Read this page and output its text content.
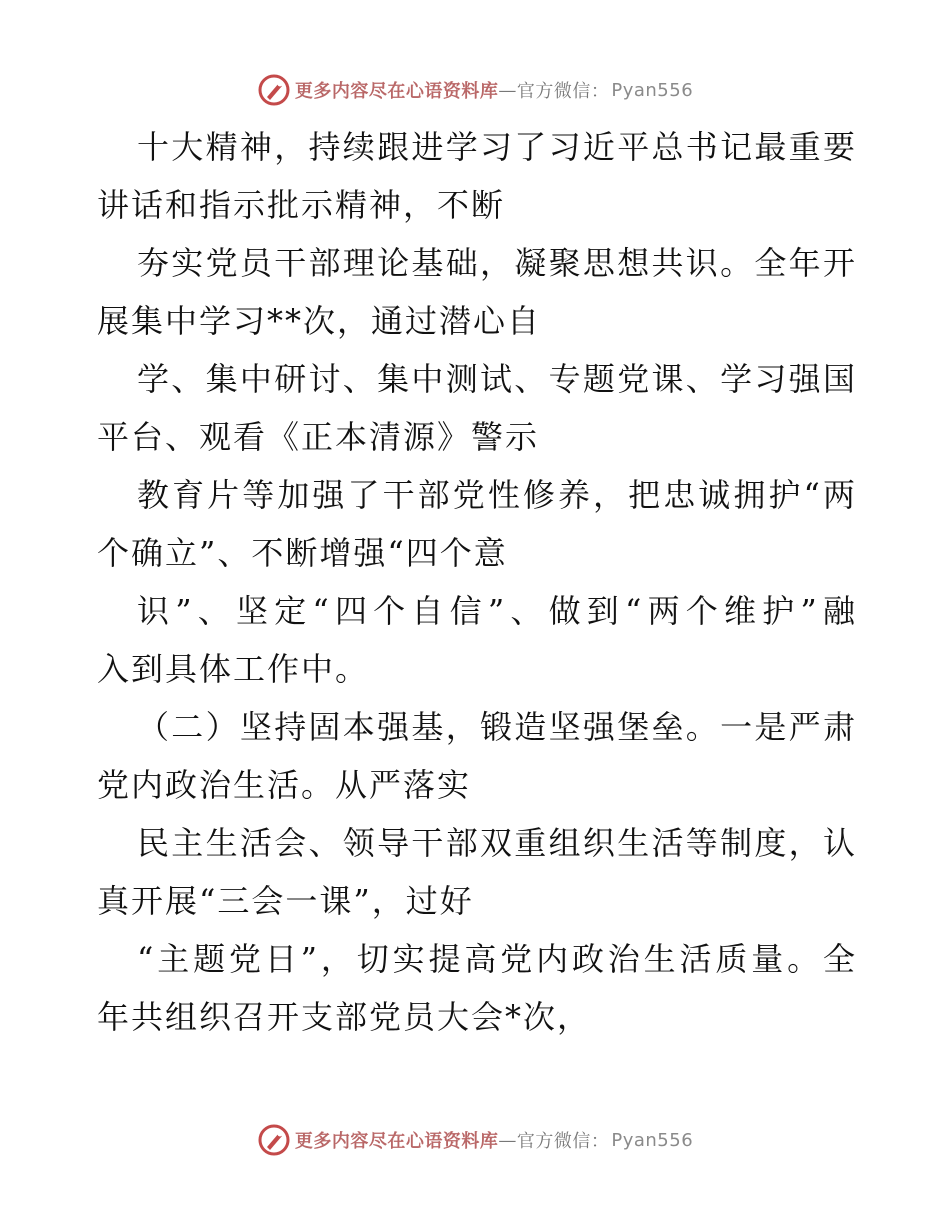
更多内容尽在心语资料库 — 官方微信： Pyan556
十大精神，持续跟进学习了习近平总书记最重要
讲话和指示批示精神，不断
夯实党员干部理论基础，凝聚思想共识。全年开
展集中学习**次，通过潜心自
学、集中研讨、集中测试、专题党课、学习强国
平台、观看《正本清源》警示
教育片等加强了干部党性修养，把忠诚拥护“两
个确立”、不断增强“四个意
识”、坚定“四个自信”、做到“两个维护”融
入到具体工作中。
（二）坚持固本强基，锻造坚强堡垒。一是严肃
党内政治生活。从严落实
民主生活会、领导干部双重组织生活等制度，认
真开展“三会一课”，过好
“主题党日”，切实提高党内政治生活质量。全
年共组织召开支部党员大会*次，
更多内容尽在心语资料库 — 官方微信： Pyan556
